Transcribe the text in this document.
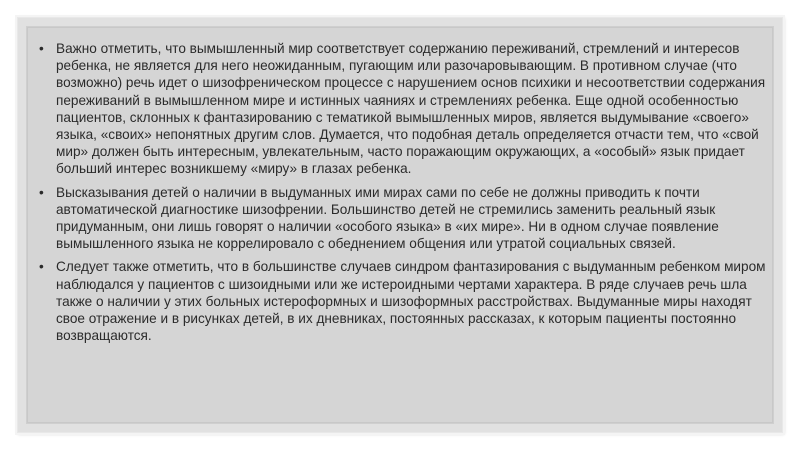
• Важно отметить, что вымышленный мир соответствует содержанию переживаний, стремлений и интересов ребенка, не является для него неожиданным, пугающим или разочаровывающим. В противном случае (что возможно) речь идет о шизофреническом процессе с нарушением основ психики и несоответствии содержания переживаний в вымышленном мире и истинных чаяниях и стремлениях ребенка. Еще одной особенностью пациентов, склонных к фантазированию с тематикой вымышленных миров, является выдумывание «своего» языка, «своих» непонятных другим слов. Думается, что подобная деталь определяется отчасти тем, что «свой мир» должен быть интересным, увлекательным, часто поражающим окружающих, а «особый» язык придает больший интерес возникшему «миру» в глазах ребенка.
• Высказывания детей о наличии в выдуманных ими мирах сами по себе не должны приводить к почти автоматической диагностике шизофрении. Большинство детей не стремились заменить реальный язык придуманным, они лишь говорят о наличии «особого языка» в «их мире». Ни в одном случае появление вымышленного языка не коррелировало с обеднением общения или утратой социальных связей.
• Следует также отметить, что в большинстве случаев синдром фантазирования с выдуманным ребенком миром наблюдался у пациентов с шизоидными или же истероидными чертами характера. В ряде случаев речь шла также о наличии у этих больных истероформных и шизоформных расстройствах. Выдуманные миры находят свое отражение и в рисунках детей, в их дневниках, постоянных рассказах, к которым пациенты постоянно возвращаются.
